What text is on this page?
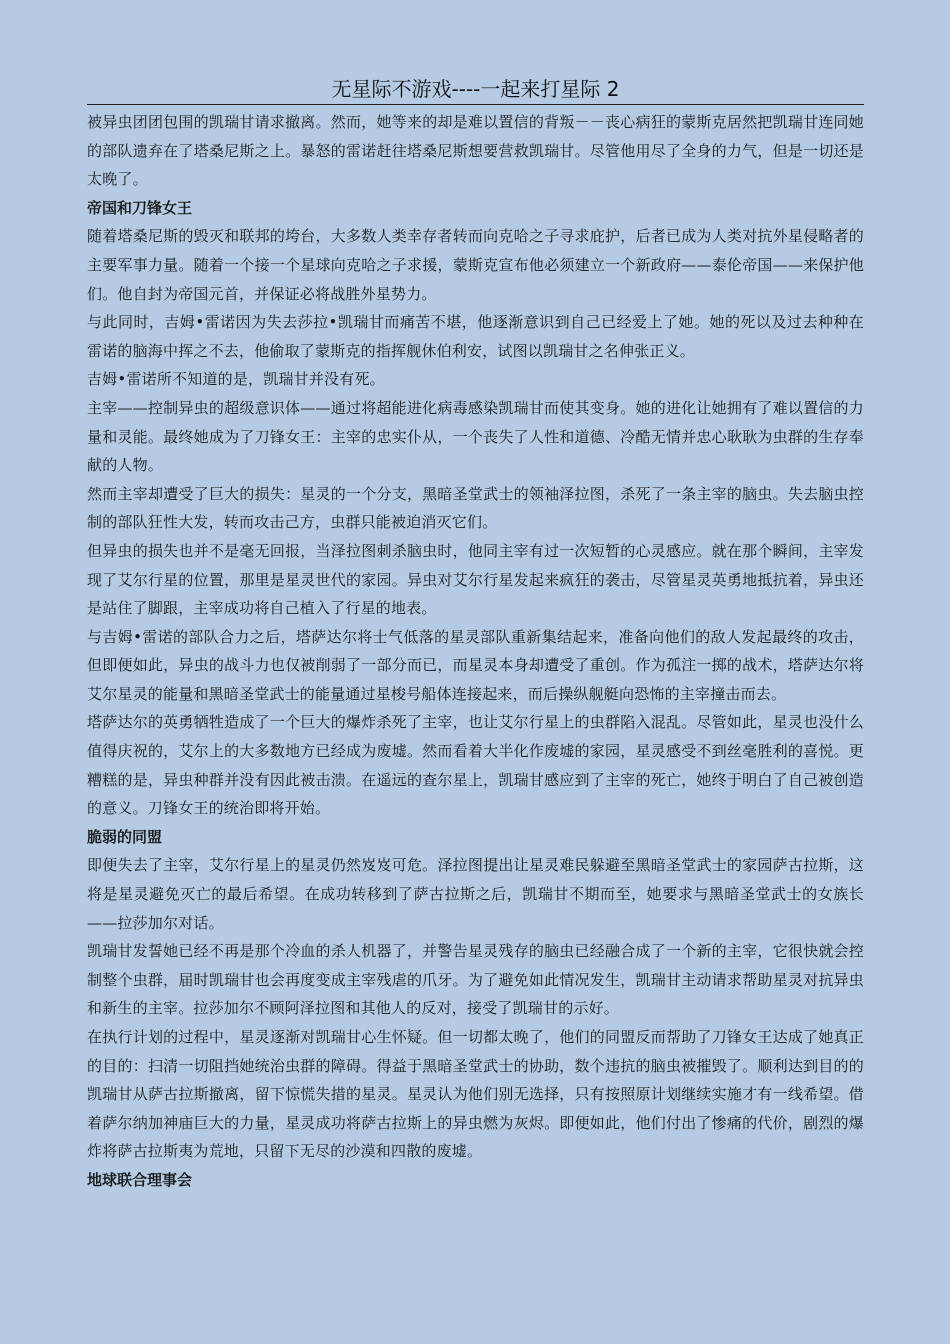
无星际不游戏----一起来打星际 2

被异虫团团包围的凯瑞甘请求撤离。然而，她等来的却是难以置信的背叛－－丧心病狂的蒙斯克居然把凯瑞甘连同她的部队遗弃在了塔桑尼斯之上。暴怒的雷诺赶往塔桑尼斯想要营救凯瑞甘。尽管他用尽了全身的力气，但是一切还是太晚了。

帝国和刀锋女王

随着塔桑尼斯的毁灭和联邦的垮台，大多数人类幸存者转而向克哈之子寻求庇护，后者已成为人类对抗外星侵略者的主要军事力量。随着一个接一个星球向克哈之子求援，蒙斯克宣布他必须建立一个新政府——泰伦帝国——来保护他们。他自封为帝国元首，并保证必将战胜外星势力。

与此同时，吉姆•雷诺因为失去莎拉•凯瑞甘而痛苦不堪，他逐渐意识到自己已经爱上了她。她的死以及过去种种在雷诺的脑海中挥之不去，他偷取了蒙斯克的指挥舰休伯利安，试图以凯瑞甘之名伸张正义。

吉姆•雷诺所不知道的是，凯瑞甘并没有死。

主宰——控制异虫的超级意识体——通过将超能进化病毒感染凯瑞甘而使其变身。她的进化让她拥有了难以置信的力量和灵能。最终她成为了刀锋女王：主宰的忠实仆从，一个丧失了人性和道德、冷酷无情并忠心耿耿为虫群的生存奉献的人物。

然而主宰却遭受了巨大的损失：星灵的一个分支，黑暗圣堂武士的领袖泽拉图，杀死了一条主宰的脑虫。失去脑虫控制的部队狂性大发，转而攻击己方，虫群只能被迫消灭它们。

但异虫的损失也并不是毫无回报，当泽拉图刺杀脑虫时，他同主宰有过一次短暂的心灵感应。就在那个瞬间，主宰发现了艾尔行星的位置，那里是星灵世代的家园。异虫对艾尔行星发起来疯狂的袭击，尽管星灵英勇地抵抗着，异虫还是站住了脚跟，主宰成功将自己植入了行星的地表。

与吉姆•雷诺的部队合力之后，塔萨达尔将士气低落的星灵部队重新集结起来，准备向他们的敌人发起最终的攻击，但即便如此，异虫的战斗力也仅被削弱了一部分而已，而星灵本身却遭受了重创。作为孤注一掷的战术，塔萨达尔将艾尔星灵的能量和黑暗圣堂武士的能量通过星梭号船体连接起来，而后操纵舰艇向恐怖的主宰撞击而去。

塔萨达尔的英勇牺牲造成了一个巨大的爆炸杀死了主宰，也让艾尔行星上的虫群陷入混乱。尽管如此，星灵也没什么值得庆祝的，艾尔上的大多数地方已经成为废墟。然而看着大半化作废墟的家园，星灵感受不到丝毫胜利的喜悦。更糟糕的是，异虫种群并没有因此被击溃。在遥远的查尔星上，凯瑞甘感应到了主宰的死亡，她终于明白了自己被创造的意义。刀锋女王的统治即将开始。

脆弱的同盟

即便失去了主宰，艾尔行星上的星灵仍然岌岌可危。泽拉图提出让星灵难民躲避至黑暗圣堂武士的家园萨古拉斯，这将是星灵避免灭亡的最后希望。在成功转移到了萨古拉斯之后，凯瑞甘不期而至，她要求与黑暗圣堂武士的女族长——拉莎加尔对话。

凯瑞甘发誓她已经不再是那个冷血的杀人机器了，并警告星灵残存的脑虫已经融合成了一个新的主宰，它很快就会控制整个虫群，届时凯瑞甘也会再度变成主宰残虐的爪牙。为了避免如此情况发生，凯瑞甘主动请求帮助星灵对抗异虫和新生的主宰。拉莎加尔不顾阿泽拉图和其他人的反对，接受了凯瑞甘的示好。

在执行计划的过程中，星灵逐渐对凯瑞甘心生怀疑。但一切都太晚了，他们的同盟反而帮助了刀锋女王达成了她真正的目的：扫清一切阻挡她统治虫群的障碍。得益于黑暗圣堂武士的协助，数个违抗的脑虫被摧毁了。顺利达到目的的凯瑞甘从萨古拉斯撤离，留下惊慌失措的星灵。星灵认为他们别无选择，只有按照原计划继续实施才有一线希望。借着萨尔纳加神庙巨大的力量，星灵成功将萨古拉斯上的异虫燃为灰烬。即便如此，他们付出了惨痛的代价，剧烈的爆炸将萨古拉斯夷为荒地，只留下无尽的沙漠和四散的废墟。

地球联合理事会
